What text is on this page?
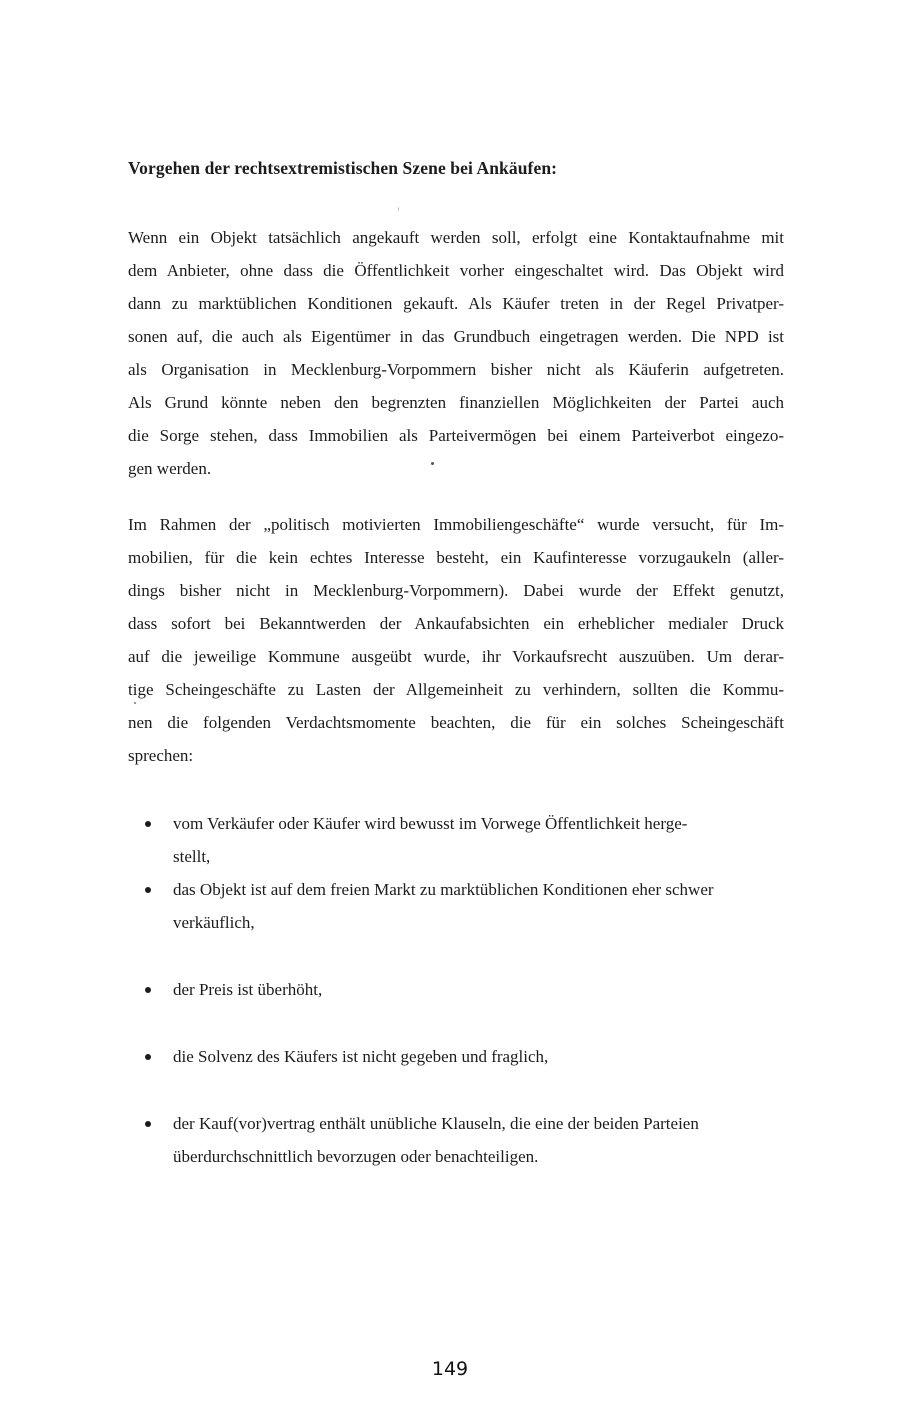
Vorgehen der rechtsextremistischen Szene bei Ankäufen:
Wenn ein Objekt tatsächlich angekauft werden soll, erfolgt eine Kontaktaufnahme mit
dem Anbieter, ohne dass die Öffentlichkeit vorher eingeschaltet wird. Das Objekt wird
dann zu marktüblichen Konditionen gekauft. Als Käufer treten in der Regel Privatper-
sonen auf, die auch als Eigentümer in das Grundbuch eingetragen werden. Die NPD ist
als Organisation in Mecklenburg-Vorpommern bisher nicht als Käuferin aufgetreten.
Als Grund könnte neben den begrenzten finanziellen Möglichkeiten der Partei auch
die Sorge stehen, dass Immobilien als Parteivermögen bei einem Parteiverbot eingezo-
gen werden.
Im Rahmen der „politisch motivierten Immobiliengeschäfte“ wurde versucht, für Im-
mobilien, für die kein echtes Interesse besteht, ein Kaufinteresse vorzugaukeln (aller-
dings bisher nicht in Mecklenburg-Vorpommern). Dabei wurde der Effekt genutzt,
dass sofort bei Bekanntwerden der Ankaufabsichten ein erheblicher medialer Druck
auf die jeweilige Kommune ausgeübt wurde, ihr Vorkaufsrecht auszuüben. Um derar-
tige Scheingeschäfte zu Lasten der Allgemeinheit zu verhindern, sollten die Kommu-
nen die folgenden Verdachtsmomente beachten, die für ein solches Scheingeschäft
sprechen:
vom Verkäufer oder Käufer wird bewusst im Vorwege Öffentlichkeit herge-
stellt,
das Objekt ist auf dem freien Markt zu marktüblichen Konditionen eher schwer
verkäuflich,
der Preis ist überhöht,
die Solvenz des Käufers ist nicht gegeben und fraglich,
der Kauf(vor)vertrag enthält unübliche Klauseln, die eine der beiden Parteien
überdurchschnittlich bevorzugen oder benachteiligen.
149
